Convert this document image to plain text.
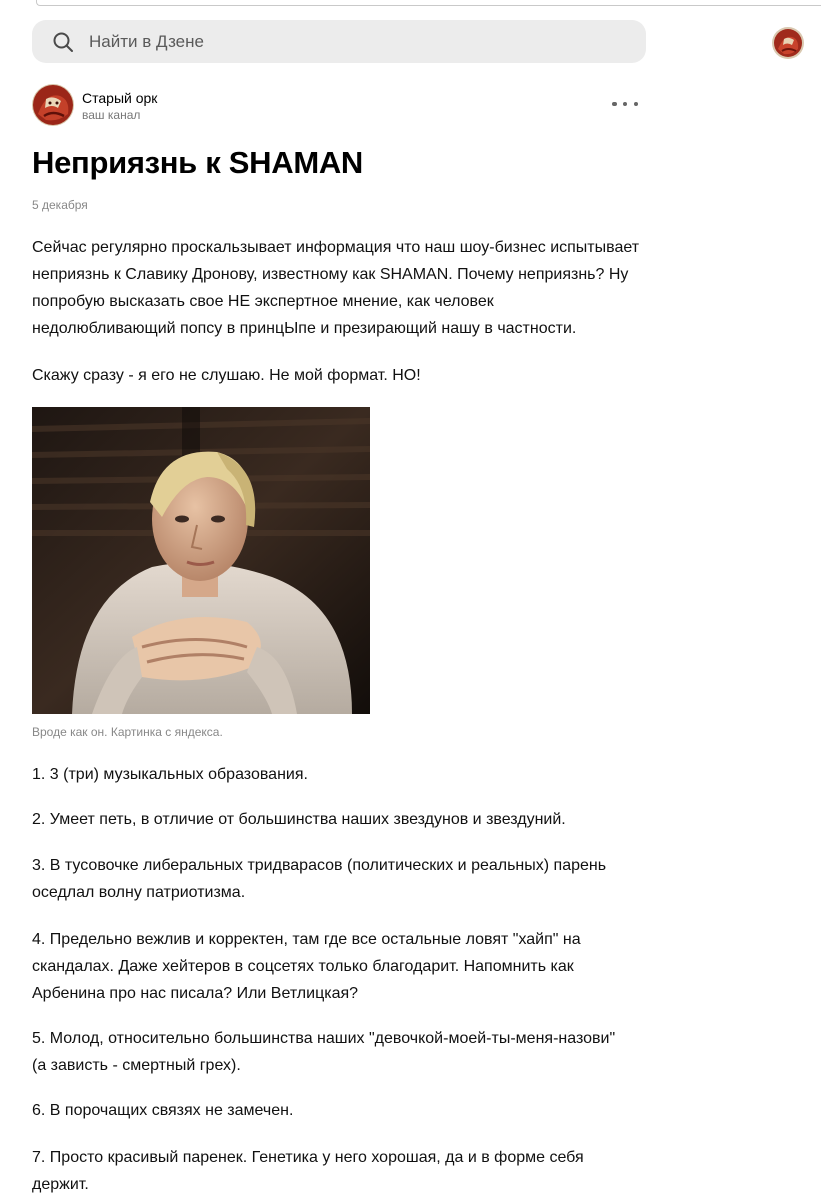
Найти в Дзене
Старый орк
ваш канал
Неприязнь к SHAMAN
5 декабря
Сейчас регулярно проскальзывает информация что наш шоу-бизнес испытывает
неприязнь к Славику Дронову, известному как SHAMAN. Почему неприязнь? Ну
попробую высказать свое НЕ экспертное мнение, как человек
недолюбливающий попсу в принцЫпе и презирающий нашу в частности.
Скажу сразу - я его не слушаю. Не мой формат. НО!
Вроде как он. Картинка с яндекса.
1. 3 (три) музыкальных образования.
2. Умеет петь, в отличие от большинства наших звездунов и звездуний.
3. В тусовочке либеральных тридварасов (политических и реальных) парень
оседлал волну патриотизма.
4. Предельно вежлив и корректен, там где все остальные ловят "хайп" на
скандалах. Даже хейтеров в соцсетях только благодарит. Напомнить как
Арбенина про нас писала? Или Ветлицкая?
5. Молод, относительно большинства наших "девочкой-моей-ты-меня-назови"
(а зависть - смертный грех).
6. В порочащих связях не замечен.
7. Просто красивый паренек. Генетика у него хорошая, да и в форме себя
держит.
